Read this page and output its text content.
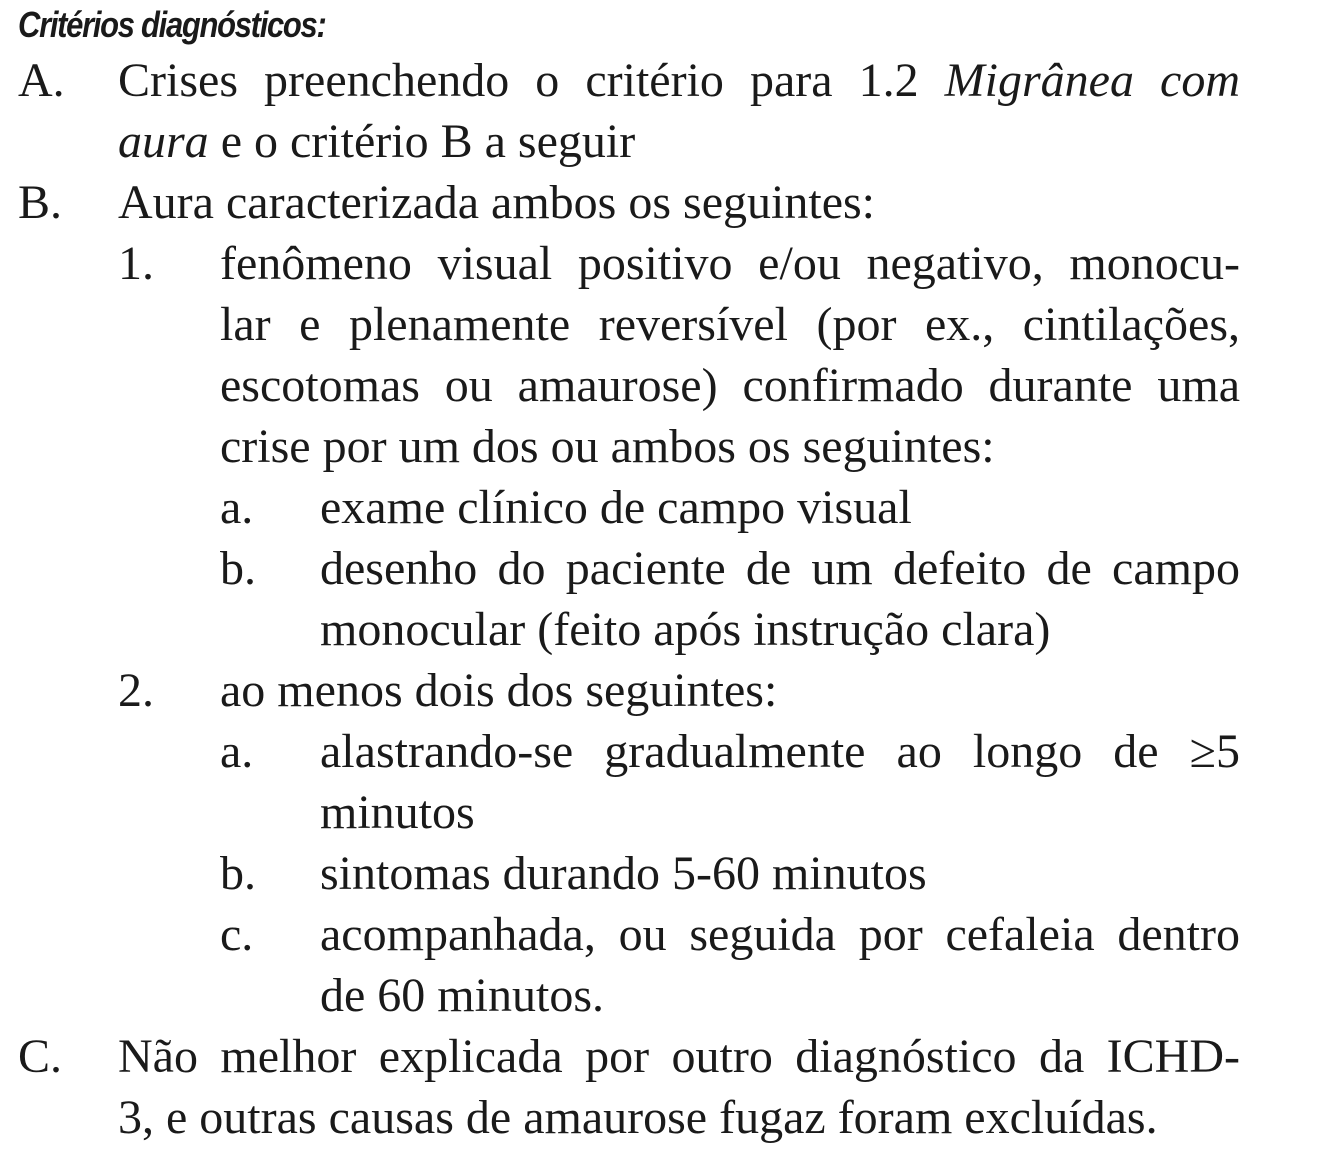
Critérios diagnósticos:
A. Crises preenchendo o critério para 1.2 Migrânea com
aura e o critério B a seguir
B. Aura caracterizada ambos os seguintes:
1. fenômeno visual positivo e/ou negativo, monocu-
lar e plenamente reversível (por ex., cintilações,
escotomas ou amaurose) confirmado durante uma
crise por um dos ou ambos os seguintes:
a. exame clínico de campo visual
b. desenho do paciente de um defeito de campo
monocular (feito após instrução clara)
2. ao menos dois dos seguintes:
a. alastrando-se gradualmente ao longo de ≥5
minutos
b. sintomas durando 5-60 minutos
c. acompanhada, ou seguida por cefaleia dentro
de 60 minutos.
C. Não melhor explicada por outro diagnóstico da ICHD-
3, e outras causas de amaurose fugaz foram excluídas.
